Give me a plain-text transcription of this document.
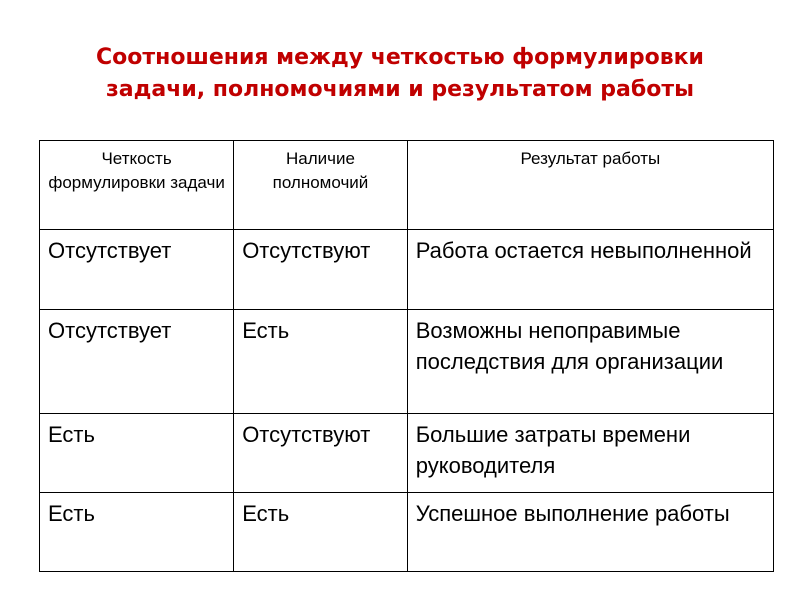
Соотношения между четкостью формулировки
задачи, полномочиями и результатом работы
Четкость формулировки задачи	Наличие полномочий	Результат работы

Отсутствует	Отсутствуют	Работа остается невыполненной

Отсутствует	Есть	Возможны непоправимые последствия для организации

Есть	Отсутствуют	Большие затраты времени руководителя

Есть	Есть	Успешное выполнение работы
